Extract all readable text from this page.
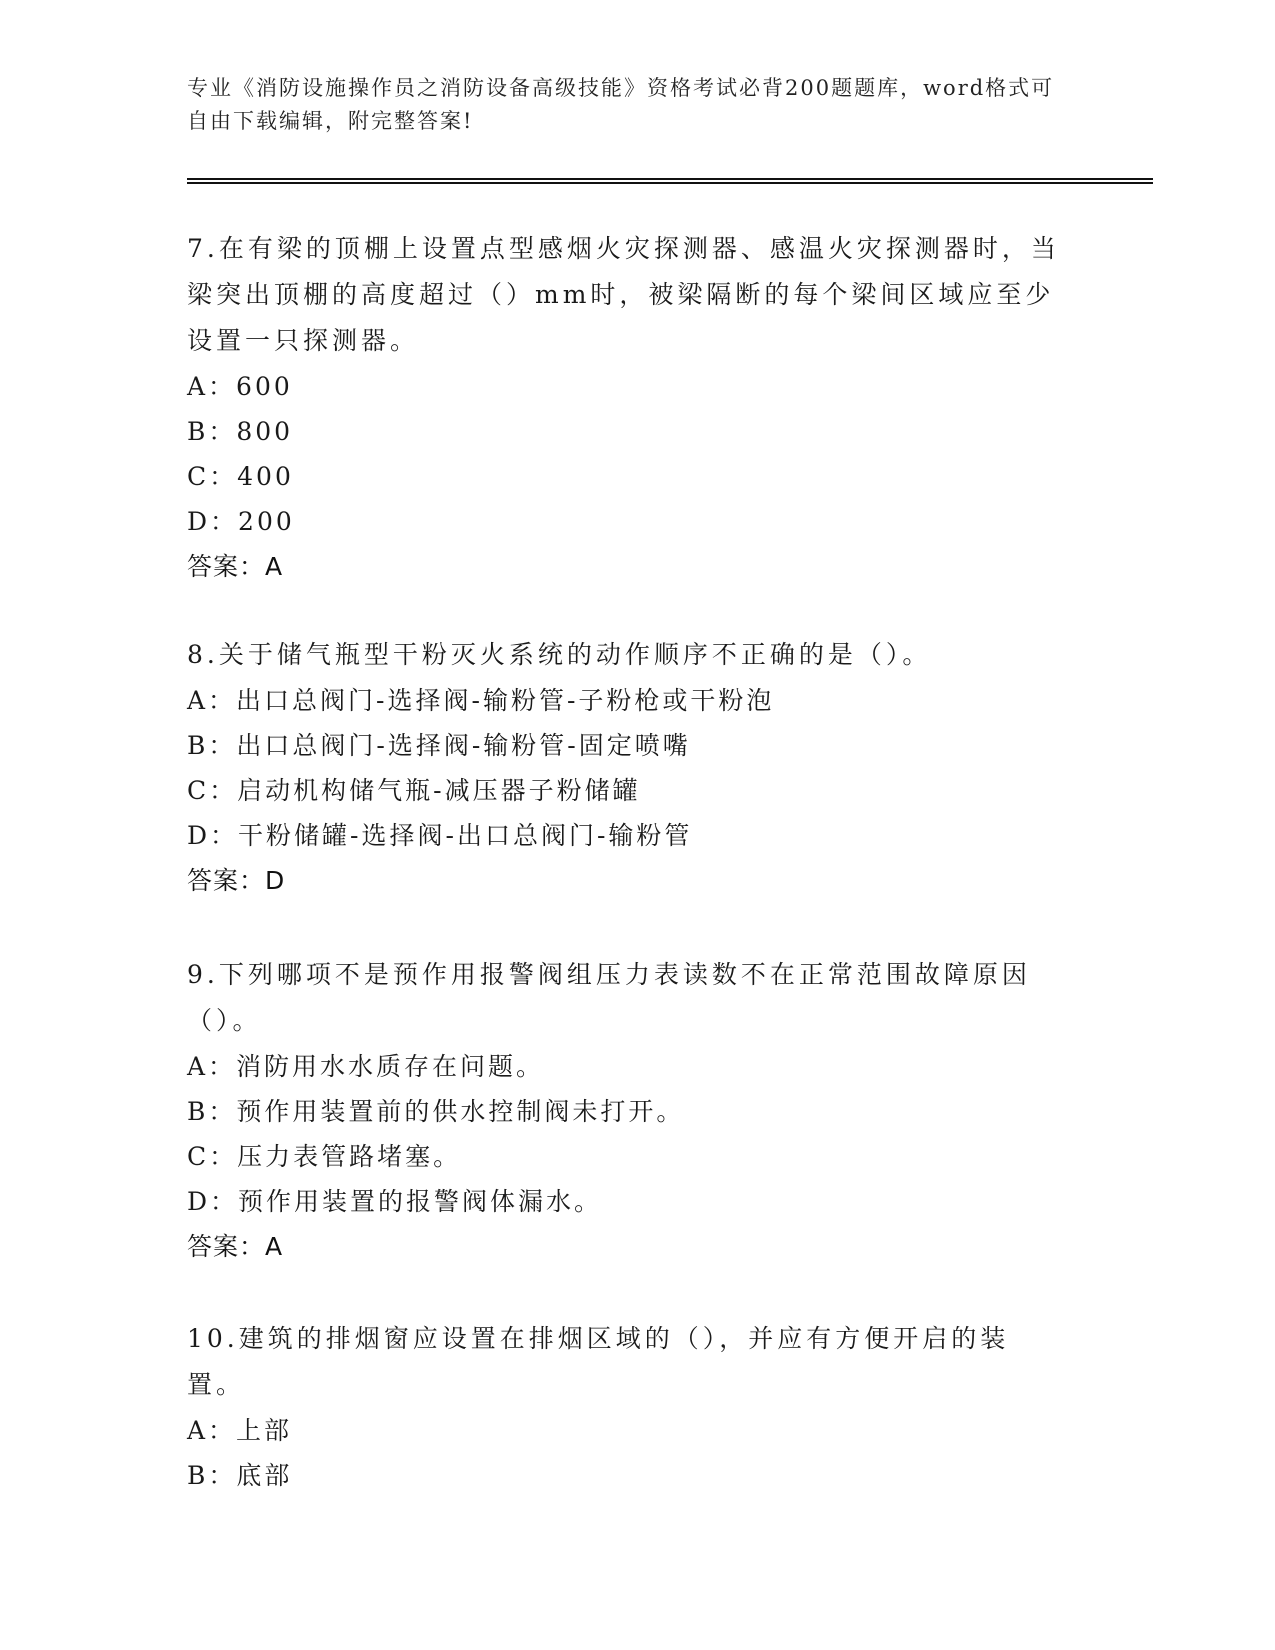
专业《消防设施操作员之消防设备高级技能》资格考试必背200题题库，word格式可自由下载编辑，附完整答案!

7.在有梁的顶棚上设置点型感烟火灾探测器、感温火灾探测器时，当梁突出顶棚的高度超过（）mm时，被梁隔断的每个梁间区域应至少设置一只探测器。

A：600

B：800

C：400

D：200

答案：A

8.关于储气瓶型干粉灭火系统的动作顺序不正确的是（）。

A：出口总阀门-选择阀-输粉管-子粉枪或干粉泡

B：出口总阀门-选择阀-输粉管-固定喷嘴

C：启动机构储气瓶-减压器子粉储罐

D：干粉储罐-选择阀-出口总阀门-输粉管

答案：D

9.下列哪项不是预作用报警阀组压力表读数不在正常范围故障原因（）。

A：消防用水水质存在问题。

B：预作用装置前的供水控制阀未打开。

C：压力表管路堵塞。

D：预作用装置的报警阀体漏水。

答案：A

10.建筑的排烟窗应设置在排烟区域的（），并应有方便开启的装置。

A：上部

B：底部
